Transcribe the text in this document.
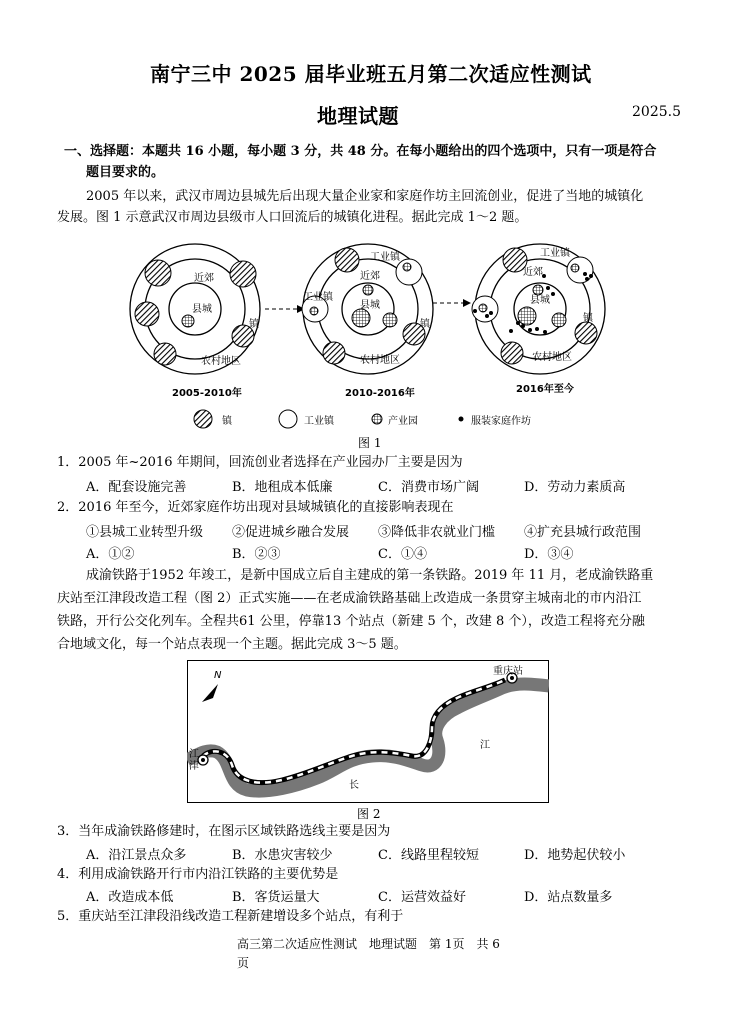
南宁三中 2025 届毕业班五月第二次适应性测试
地理试题	2025.5
一、选择题：本题共 16 小题，每小题 3 分，共 48 分。在每小题给出的四个选项中，只有一项是符合
题目要求的。
2005 年以来，武汉市周边县城先后出现大量企业家和家庭作坊主回流创业，促进了当地的城镇化
发展。图 1 示意武汉市周边县级市人口回流后的城镇化进程。据此完成 1～2 题。
近郊
县城
镇
农村地区
2005-2010年
工业镇
工业镇
近郊
县城
镇
农村地区
2010-2016年
工业镇
近郊
县城
镇
农村地区
2016年至今
镇	工业镇	产业园	服装家庭作坊
图 1
1．2005 年~2016 年期间，回流创业者选择在产业园办厂主要是因为
A．配套设施完善	B．地租成本低廉	C．消费市场广阔	D．劳动力素质高
2．2016 年至今，近郊家庭作坊出现对县域城镇化的直接影响表现在
①县城工业转型升级 ②促进城乡融合发展 ③降低非农就业门槛 ④扩充县城行政范围
A．①②	B．②③	C．①④	D．③④
成渝铁路于1952 年竣工，是新中国成立后自主建成的第一条铁路。2019 年 11 月，老成渝铁路重
庆站至江津段改造工程（图 2）正式实施——在老成渝铁路基础上改造成一条贯穿主城南北的市内沿江
铁路，开行公交化列车。全程共61 公里，停靠13 个站点（新建 5 个，改建 8 个），改造工程将充分融
合地域文化，每一个站点表现一个主题。据此完成 3～5 题。
N	重庆站
江
津
长
江
图 2
3．当年成渝铁路修建时，在图示区域铁路选线主要是因为
A．沿江景点众多	B．水患灾害较少	C．线路里程较短	D．地势起伏较小
4．利用成渝铁路开行市内沿江铁路的主要优势是
A．改造成本低	B．客货运量大	C．运营效益好	D．站点数量多
5．重庆站至江津段沿线改造工程新建增设多个站点，有利于
高三第二次适应性测试　地理试题　第 1页　共 6
页
